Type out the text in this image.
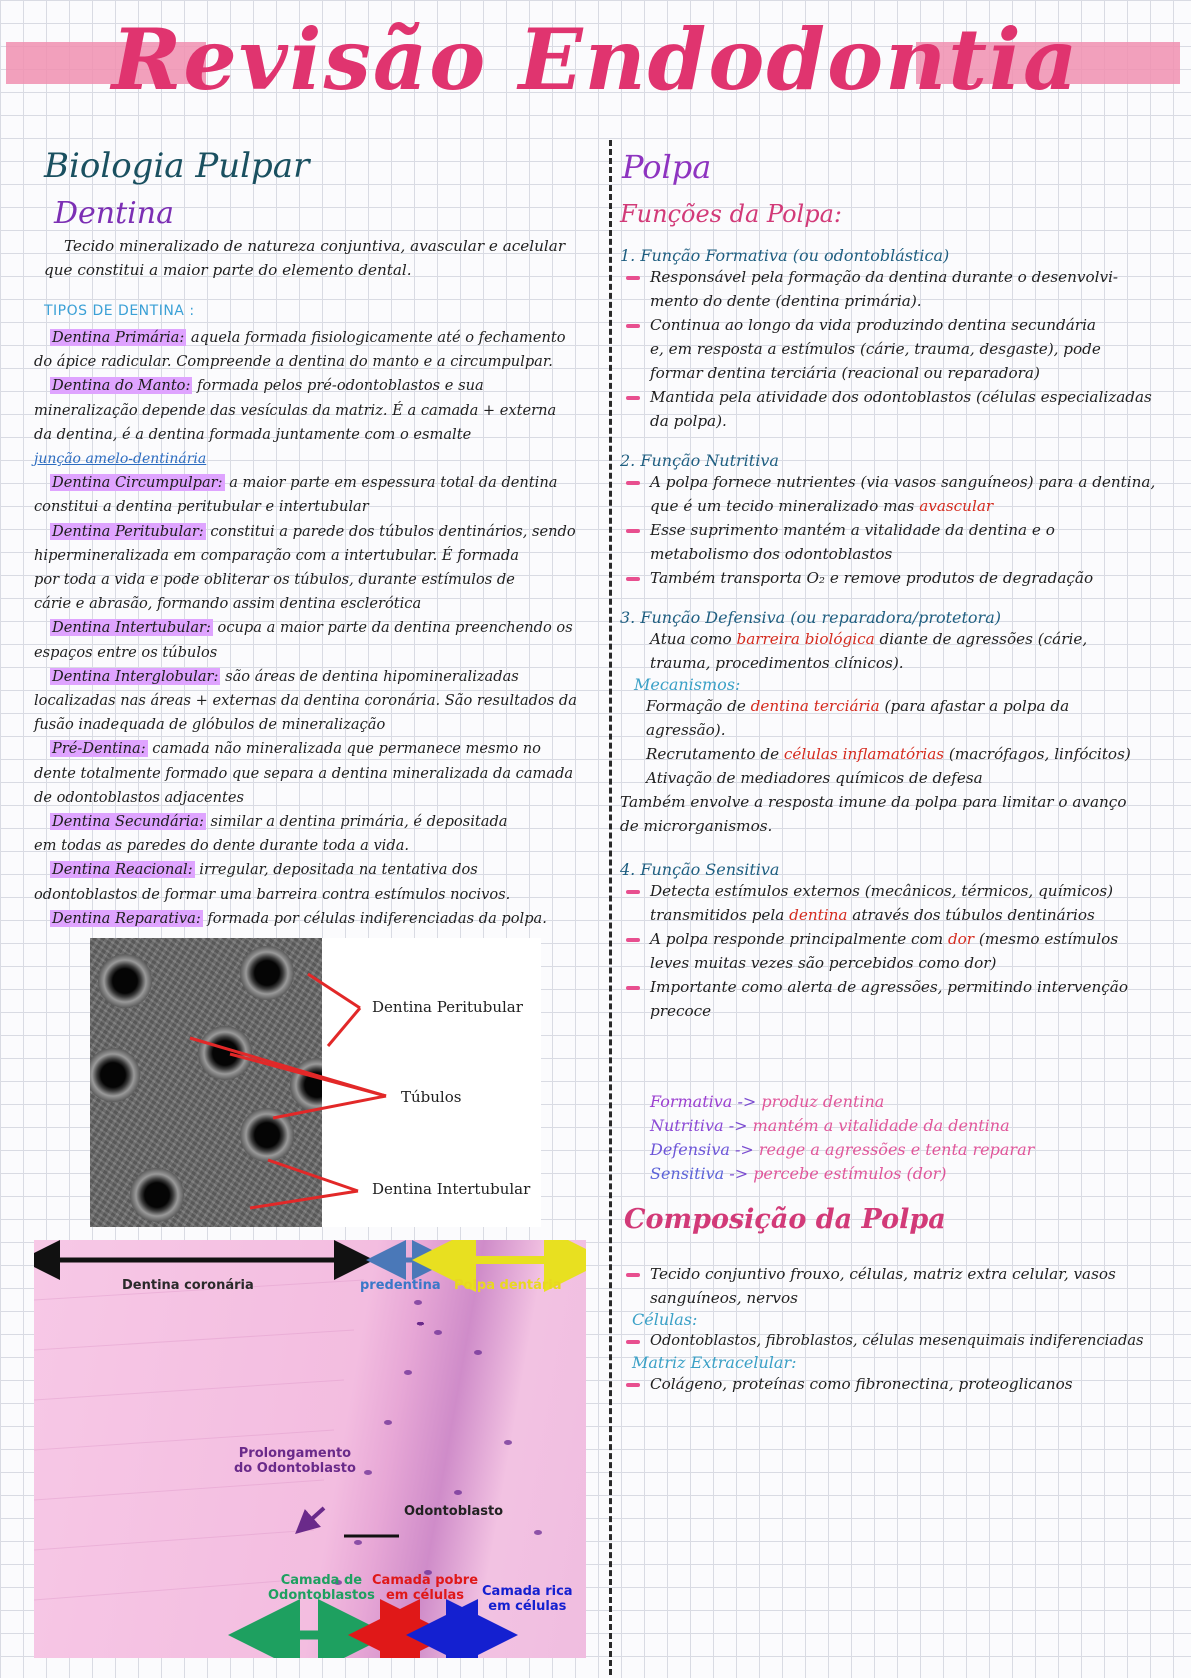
Revisão Endodontia
Biologia Pulpar
Dentina
Tecido mineralizado de natureza conjuntiva, avascular e acelular
que constitui a maior parte do elemento dental.
TIPOS DE DENTINA :
Dentina Primária: aquela formada fisiologicamente até o fechamento
do ápice radicular. Compreende a dentina do manto e a circumpulpar.
Dentina do Manto: formada pelos pré-odontoblastos e sua
mineralização depende das vesículas da matriz. É a camada + externa
da dentina, é a dentina formada juntamente com o esmalte
junção amelo-dentinária
Dentina Circumpulpar: a maior parte em espessura total da dentina
constitui a dentina peritubular e intertubular
Dentina Peritubular: constitui a parede dos túbulos dentinários, sendo
hipermineralizada em comparação com a intertubular. É formada
por toda a vida e pode obliterar os túbulos, durante estímulos de
cárie e abrasão, formando assim dentina esclerótica
Dentina Intertubular: ocupa a maior parte da dentina preenchendo os
espaços entre os túbulos
Dentina Interglobular: são áreas de dentina hipomineralizadas
localizadas nas áreas + externas da dentina coronária. São resultados da
fusão inadequada de glóbulos de mineralização
Pré-Dentina: camada não mineralizada que permanece mesmo no
dente totalmente formado que separa a dentina mineralizada da camada
de odontoblastos adjacentes
Dentina Secundária: similar a dentina primária, é depositada
em todas as paredes do dente durante toda a vida.
Dentina Reacional: irregular, depositada na tentativa dos
odontoblastos de formar uma barreira contra estímulos nocivos.
Dentina Reparativa: formada por células indiferenciadas da polpa.
Dentina Peritubular
Túbulos
Dentina Intertubular
Dentina coronária	predentina Polpa dentária
Prolongamento
do Odontoblasto
Odontoblasto
Camada de
Odontoblastos
Camada pobre
em células	Camada rica
em células
Polpa
Funções da Polpa:
1. Função Formativa (ou odontoblástica)
Responsável pela formação da dentina durante o desenvolvi-
mento do dente (dentina primária).
Continua ao longo da vida produzindo dentina secundária
e, em resposta a estímulos (cárie, trauma, desgaste), pode
formar dentina terciária (reacional ou reparadora)
Mantida pela atividade dos odontoblastos (células especializadas
da polpa).
2. Função Nutritiva
A polpa fornece nutrientes (via vasos sanguíneos) para a dentina,
que é um tecido mineralizado mas avascular
Esse suprimento mantém a vitalidade da dentina e o
metabolismo dos odontoblastos
Também transporta O₂ e remove produtos de degradação
3. Função Defensiva (ou reparadora/protetora)
Atua como barreira biológica diante de agressões (cárie,
trauma, procedimentos clínicos).
Mecanismos:
Formação de dentina terciária (para afastar a polpa da
agressão).
Recrutamento de células inflamatórias (macrófagos, linfócitos)
Ativação de mediadores químicos de defesa
Também envolve a resposta imune da polpa para limitar o avanço
de microrganismos.
4. Função Sensitiva
Detecta estímulos externos (mecânicos, térmicos, químicos)
transmitidos pela dentina através dos túbulos dentinários
A polpa responde principalmente com dor (mesmo estímulos
leves muitas vezes são percebidos como dor)
Importante como alerta de agressões, permitindo intervenção
precoce
Formativa -> produz dentina
Nutritiva -> mantém a vitalidade da dentina
Defensiva -> reage a agressões e tenta reparar
Sensitiva -> percebe estímulos (dor)
Composição da Polpa
Tecido conjuntivo frouxo, células, matriz extra celular, vasos
sanguíneos, nervos
Células:
Odontoblastos, fibroblastos, células mesenquimais indiferenciadas
Matriz Extracelular:
Colágeno, proteínas como fibronectina, proteoglicanos
